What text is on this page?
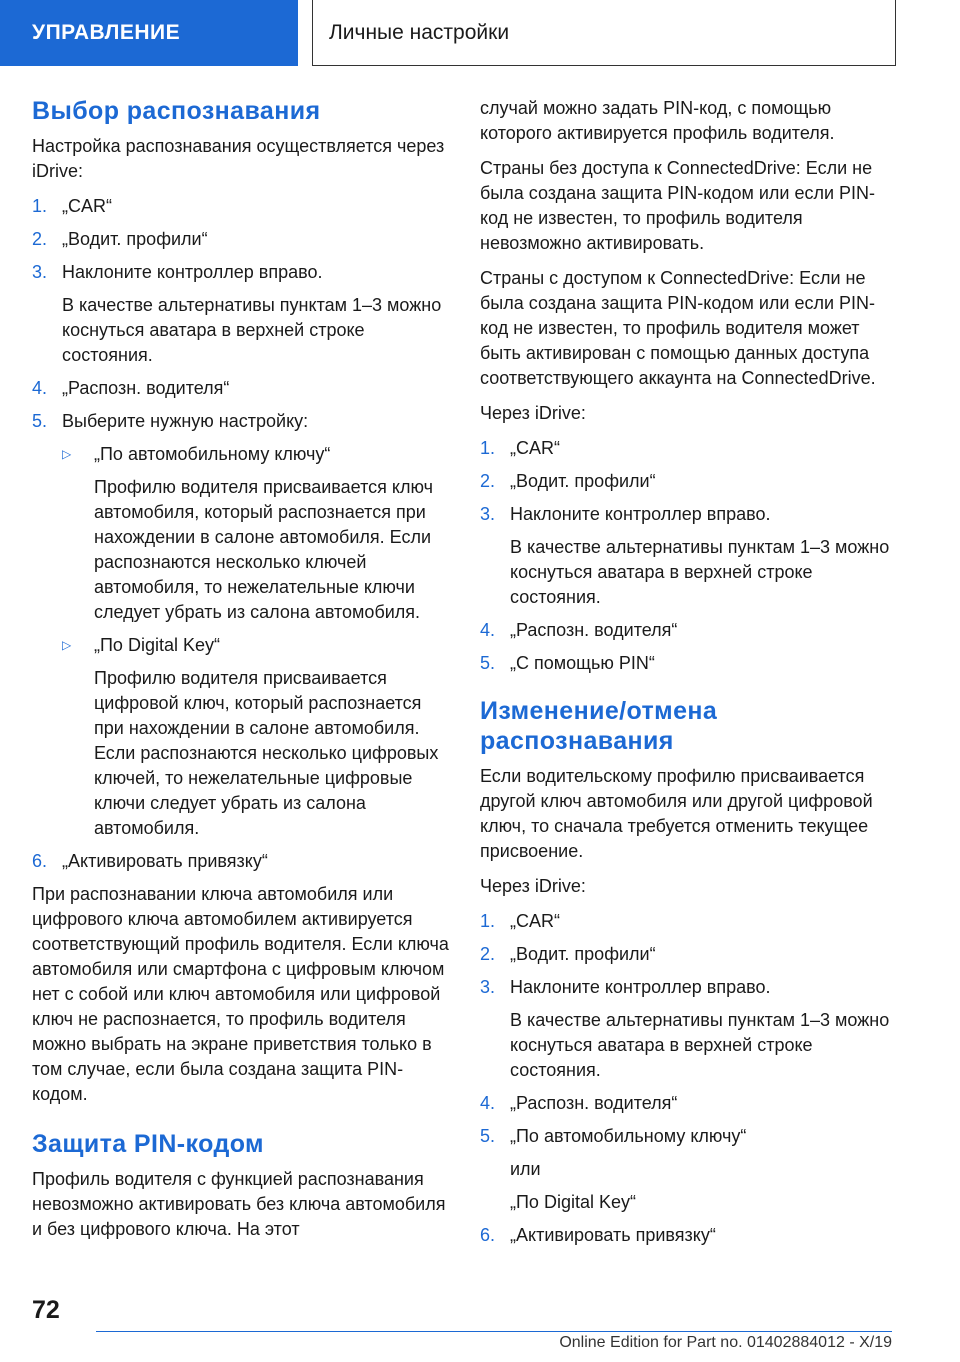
УПРАВЛЕНИЕ	Личные настройки
Выбор распознавания

Настройка распознавания осуществляется через iDrive:

1. „CAR“
2. „Водит. профили“
3. Наклоните контроллер вправо.
В качестве альтернативы пунктам 1–3 можно коснуться аватара в верхней строке состояния.
4. „Распозн. водителя“
5. Выберите нужную настройку:
▷	„По автомобильному ключу“
Профилю водителя присваивается ключ автомобиля, который распознается при нахождении в салоне автомобиля. Если распознаются несколько ключей автомобиля, то нежелательные ключи следует убрать из салона автомобиля.
▷	„По Digital Key“
Профилю водителя присваивается цифровой ключ, который распознается при нахождении в салоне автомобиля. Если распознаются несколько цифровых ключей, то нежелательные цифровые ключи следует убрать из салона автомобиля.
6. „Активировать привязку“

При распознавании ключа автомобиля или цифрового ключа автомобилем активируется соответствующий профиль водителя. Если ключа автомобиля или смартфона с цифровым ключом нет с собой или ключ автомобиля или цифровой ключ не распознается, то профиль водителя можно выбрать на экране приветствия только в том случае, если была создана защита PIN-кодом.

Защита PIN-кодом

Профиль водителя с функцией распознавания невозможно активировать без ключа автомобиля и без цифрового ключа. На этот

случай можно задать PIN-код, с помощью которого активируется профиль водителя.

Страны без доступа к ConnectedDrive: Если не была создана защита PIN-кодом или если PIN-код не известен, то профиль водителя невозможно активировать.

Страны с доступом к ConnectedDrive: Если не была создана защита PIN-кодом или если PIN-код не известен, то профиль водителя может быть активирован с помощью данных доступа соответствующего аккаунта на ConnectedDrive.

Через iDrive:

1. „CAR“
2. „Водит. профили“
3. Наклоните контроллер вправо.
В качестве альтернативы пунктам 1–3 можно коснуться аватара в верхней строке состояния.
4. „Распозн. водителя“
5. „С помощью PIN“
Изменение/отмена распознавания

Если водительскому профилю присваивается другой ключ автомобиля или другой цифровой ключ, то сначала требуется отменить текущее присвоение.

Через iDrive:

1. „CAR“
2. „Водит. профили“
3. Наклоните контроллер вправо.
В качестве альтернативы пунктам 1–3 можно коснуться аватара в верхней строке состояния.
4. „Распозн. водителя“
5. „По автомобильному ключу“
или
„По Digital Key“
6. „Активировать привязку“
72
Online Edition for Part no. 01402884012 - X/19
